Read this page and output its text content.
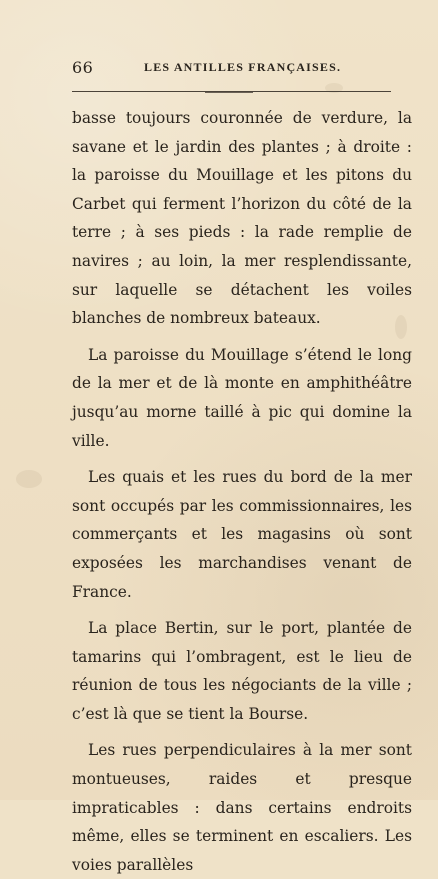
66	LES ANTILLES FRANÇAISES.

basse toujours couronnée de verdure, la savane et le jardin des plantes ; à droite : la paroisse du Mouillage et les pitons du Carbet qui ferment l’horizon du côté de la terre ; à ses pieds : la rade remplie de navires ; au loin, la mer resplendissante, sur laquelle se détachent les voiles blanches de nombreux bateaux.

La paroisse du Mouillage s’étend le long de la mer et de là monte en amphithéâtre jusqu’au morne taillé à pic qui domine la ville.

Les quais et les rues du bord de la mer sont occupés par les commissionnaires, les commerçants et les magasins où sont exposées les marchandises venant de France.

La place Bertin, sur le port, plantée de tamarins qui l’ombragent, est le lieu de réunion de tous les négociants de la ville ; c’est là que se tient la Bourse.

Les rues perpendiculaires à la mer sont montueuses, raides et presque impraticables : dans certains endroits même, elles se terminent en escaliers. Les voies parallèles
